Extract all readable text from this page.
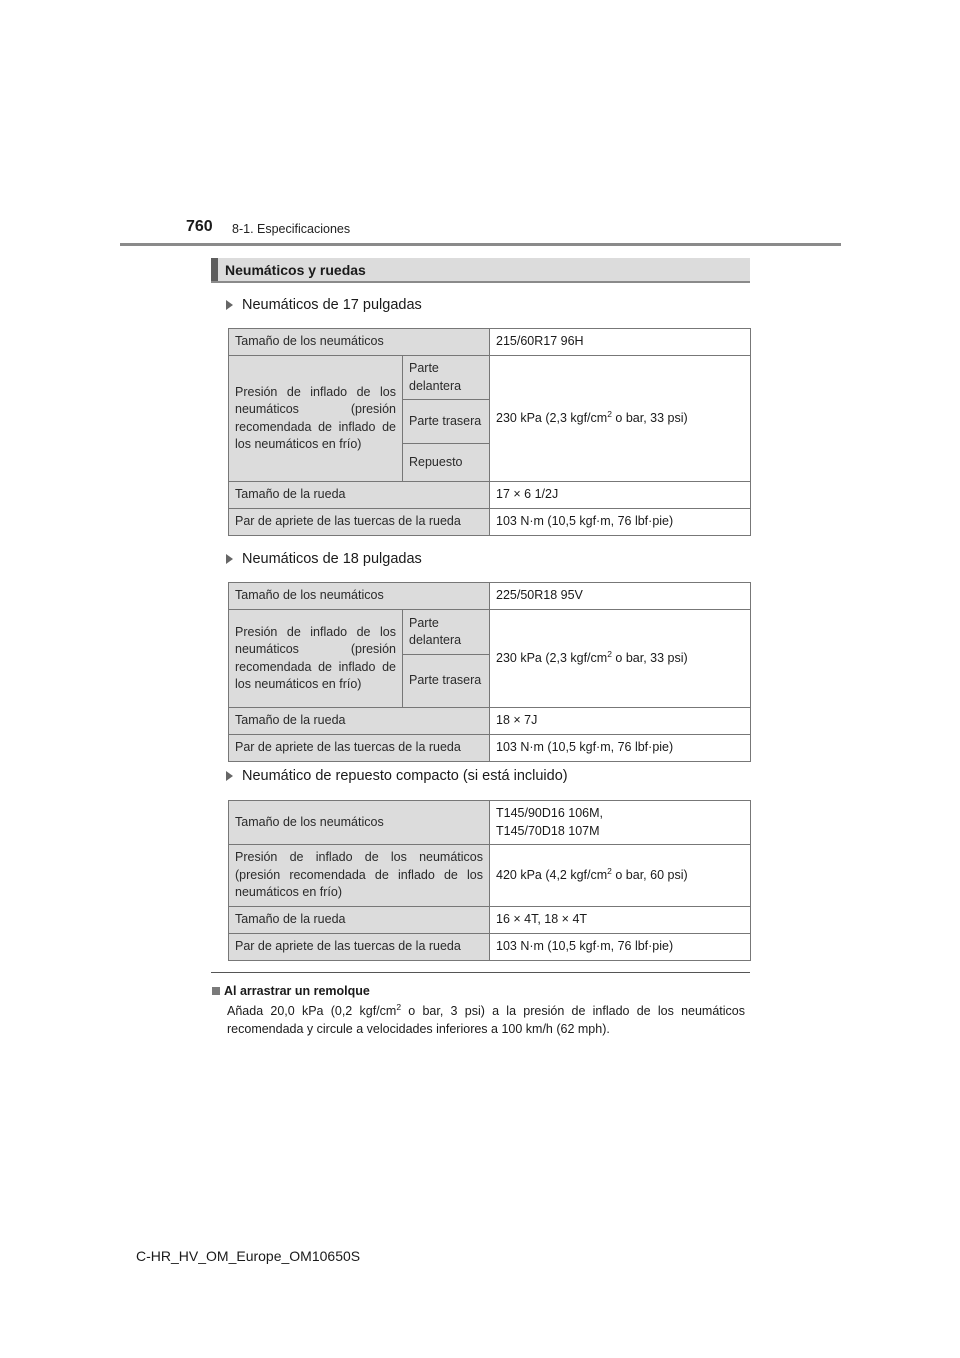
760 8-1. Especificaciones
Neumáticos y ruedas
Neumáticos de 17 pulgadas
Tamaño de los neumáticos		215/60R17 96H
Presión de inflado de los neumáticos (presión recomendada de inflado de los neumáticos en frío)	Parte delantera	230 kPa (2,3 kgf/$cm^2$ o bar, 33 psi)
	Parte trasera	
	Repuesto	
Tamaño de la rueda		17 × 6 1/2J
Par de apriete de las tuercas de la rueda		103 N·m (10,5 kgf·m, 76 lbf·pie)
Neumáticos de 18 pulgadas
Tamaño de los neumáticos		225/50R18 95V
Presión de inflado de los neumáticos (presión recomendada de inflado de los neumáticos en frío)	Parte delantera	230 kPa (2,3 kgf/$cm^2$ o bar, 33 psi)
	Parte trasera	
Tamaño de la rueda		18 × 7J
Par de apriete de las tuercas de la rueda		103 N·m (10,5 kgf·m, 76 lbf·pie)
Neumático de repuesto compacto (si está incluido)
Tamaño de los neumáticos	T145/90D16 106M,
T145/70D18 107M

Presión de inflado de los neumáticos (presión recomendada de inflado de los neumáticos en frío)	420 kPa (4,2 kgf/$cm^2$ o bar, 60 psi)
Tamaño de la rueda	16 × 4T, 18 × 4T
Par de apriete de las tuercas de la rueda	103 N·m (10,5 kgf·m, 76 lbf·pie)
Al arrastrar un remolque
Añada 20,0 kPa (0,2 kgf/$cm^2$ o bar, 3 psi) a la presión de inflado de los neumáticos recomendada y circule a velocidades inferiores a 100 km/h (62 mph).
C-HR_HV_OM_Europe_OM10650S
